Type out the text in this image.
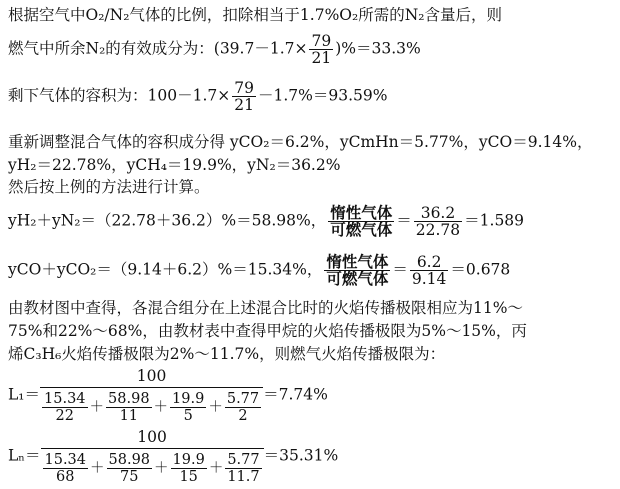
根据空气中O₂/N₂气体的比例，扣除相当于1.7%O₂所需的N₂含量后，则
燃气中所余N₂的有效成分为：$(39.7-1.7\times \frac{79}{21} )\%=33.3\%$
剩下气体的容积为：$100-1.7\times \frac{79}{21} -1.7\%=93.59\%$
重新调整混合气体的容积成分得 yCO₂＝6.2%，yCmHn＝5.77%，yCO＝9.14%，
yH₂＝22.78%，yCH₄＝19.9%，yN₂＝36.2%
然后按上例的方法进行计算。
yH₂＋yN₂＝（22.78＋36.2）%＝58.98%， $\frac{\text{惰性气体}}{\text{可燃气体}} = \frac{36.2}{22.78} =1.589$
yCO＋yCO₂＝（9.14＋6.2）%＝15.34%， $\frac{\text{惰性气体}}{\text{可燃气体}} = \frac{6.2}{9.14} =0.678$
由教材图中查得，各混合组分在上述混合比时的火焰传播极限相应为11%～
75%和22%～68%，由教材表中查得甲烷的火焰传播极限为5%～15%，丙
烯C₃H₆火焰传播极限为2%～11.7%，则燃气火焰传播极限为：
$L_1= \frac{100}{\frac{15.34}{22} + \frac{58.98}{11} + \frac{19.9}{5} + \frac{5.77}{2}} =7.74\%$
$L_n= \frac{100}{\frac{15.34}{68} + \frac{58.98}{75} + \frac{19.9}{15} + \frac{5.77}{11.7}} =35.31\%$
